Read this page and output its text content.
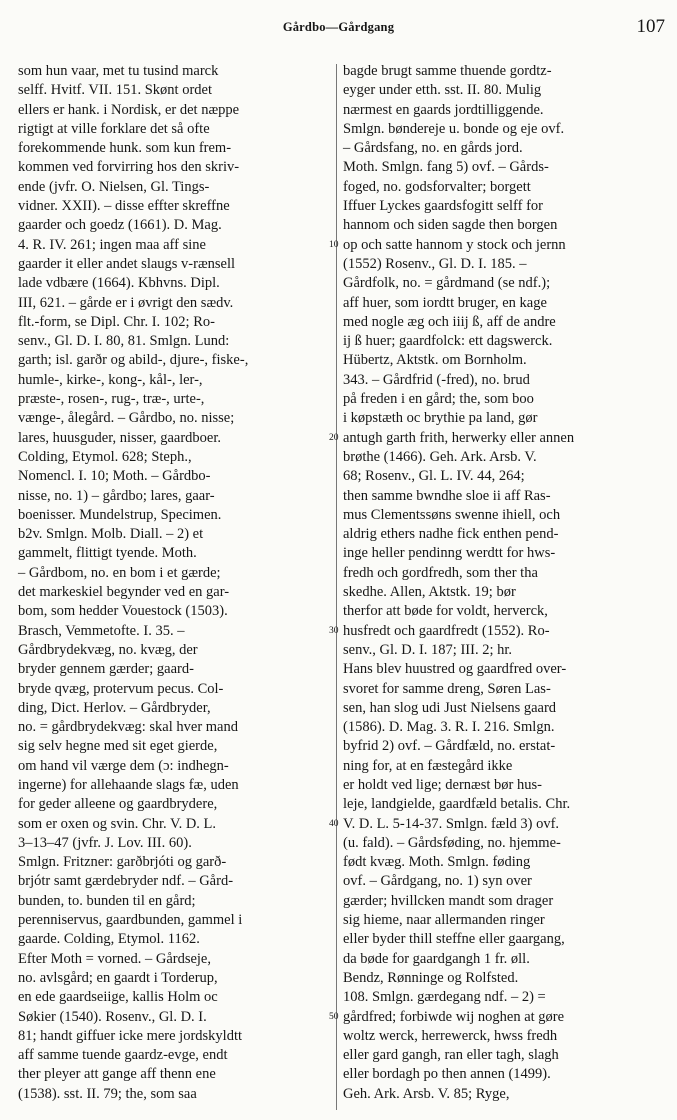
Gårdbo—Gårdgang	107
som hun vaar, met tu tusind marck
selff. Hvitf. VII. 151. Skønt ordet
ellers er hank. i Nordisk, er det næppe
rigtigt at ville forklare det så ofte
forekommende hunk. som kun frem-
kommen ved forvirring hos den skriv-
ende (jvfr. O. Nielsen, Gl. Tings-
vidner. XXII). – disse effter skreffne
gaarder och goedz (1661). D. Mag.
4. R. IV. 261; ingen maa aff sine
gaarder it eller andet slaugs v-rænsell
lade vdbære (1664). Kbhvns. Dipl.
III, 621. – gårde er i øvrigt den sædv.
flt.-form, se Dipl. Chr. I. 102; Ro-
senv., Gl. D. I. 80, 81. Smlgn. Lund:
garth; isl. garðr og abild-, djure-, fiske-,
humle-, kirke-, kong-, kål-, ler-,
præste-, rosen-, rug-, træ-, urte-,
vænge-, ålegård. – Gårdbo, no. nisse;
lares, huusguder, nisser, gaardboer.
Colding, Etymol. 628; Steph.,
Nomencl. I. 10; Moth. – Gårdbo-
nisse, no. 1) – gårdbo; lares, gaar-
boenisser. Mundelstrup, Specimen.
b2v. Smlgn. Molb. Diall. – 2) et
gammelt, flittigt tyende. Moth.
– Gårdbom, no. en bom i et gærde;
det markeskiel begynder ved en gar-
bom, som hedder Vouestock (1503).
Brasch, Vemmetofte. I. 35. –
Gårdbrydekvæg, no. kvæg, der
bryder gennem gærder; gaard-
bryde qvæg, protervum pecus. Col-
ding, Dict. Herlov. – Gårdbryder,
no. = gårdbrydekvæg: skal hver mand
sig selv hegne med sit eget gierde,
om hand vil værge dem (ɔ: indhegn-
ingerne) for allehaande slags fæ, uden
for geder alleene og gaardbrydere,
som er oxen og svin. Chr. V. D. L.
3–13–47 (jvfr. J. Lov. III. 60).
Smlgn. Fritzner: garðbrjóti og garð-
brjótr samt gærdebryder ndf. – Gård-
bunden, to. bunden til en gård;
perenniservus, gaardbunden, gammel i
gaarde. Colding, Etymol. 1162.
Efter Moth = vorned. – Gårdseje,
no. avlsgård; en gaardt i Torderup,
en ede gaardseiige, kallis Holm oc
Søkier (1540). Rosenv., Gl. D. I.
81; handt giffuer icke mere jordskyldtt
aff samme tuende gaardz-evge, endt
ther pleyer att gange aff thenn ene
(1538). sst. II. 79; the, som saa
10
20
30
40
50
bagde brugt samme thuende gordtz-
eyger under etth. sst. II. 80. Mulig
nærmest en gaards jordtilliggende.
Smlgn. bøndereje u. bonde og eje ovf.
– Gårdsfang, no. en gårds jord.
Moth. Smlgn. fang 5) ovf. – Gårds-
foged, no. godsforvalter; borgett
Iffuer Lyckes gaardsfogitt selff for
hannom och siden sagde then borgen
op och satte hannom y stock och jernn
(1552) Rosenv., Gl. D. I. 185. –
Gårdfolk, no. = gårdmand (se ndf.);
aff huer, som iordtt bruger, en kage
med nogle æg och iiij ß, aff de andre
ij ß huer; gaardfolck: ett dagswerck.
Hübertz, Aktstk. om Bornholm.
343. – Gårdfrid (-fred), no. brud
på freden i en gård; the, som boo
i køpstæth oc brythie pa land, gør
antugh garth frith, herwerky eller annen
brøthe (1466). Geh. Ark. Arsb. V.
68; Rosenv., Gl. L. IV. 44, 264;
then samme bwndhe sloe ii aff Ras-
mus Clementssøns swenne ihiell, och
aldrig ethers nadhe fick enthen pend-
inge heller pendinng werdtt for hws-
fredh och gordfredh, som ther tha
skedhe. Allen, Aktstk. 19; bør
therfor att bøde for voldt, herverck,
husfredt och gaardfredt (1552). Ro-
senv., Gl. D. I. 187; III. 2; hr.
Hans blev huustred og gaardfred over-
svoret for samme dreng, Søren Las-
sen, han slog udi Just Nielsens gaard
(1586). D. Mag. 3. R. I. 216. Smlgn.
byfrid 2) ovf. – Gårdfæld, no. erstat-
ning for, at en fæstegård ikke
er holdt ved lige; dernæst bør hus-
leje, landgielde, gaardfæld betalis. Chr.
V. D. L. 5-14-37. Smlgn. fæld 3) ovf.
(u. fald). – Gårdsføding, no. hjemme-
født kvæg. Moth. Smlgn. føding
ovf. – Gårdgang, no. 1) syn over
gærder; hvillcken mandt som drager
sig hieme, naar allermanden ringer
eller byder thill steffne eller gaargang,
da bøde for gaardgangh 1 fr. øll.
Bendz, Rønninge og Rolfsted.
108. Smlgn. gærdegang ndf. – 2) =
gårdfred; forbiwde wij noghen at gøre
woltz werck, herrewerck, hwss fredh
eller gard gangh, ran eller tagh, slagh
eller bordagh po then annen (1499).
Geh. Ark. Arsb. V. 85; Ryge,
